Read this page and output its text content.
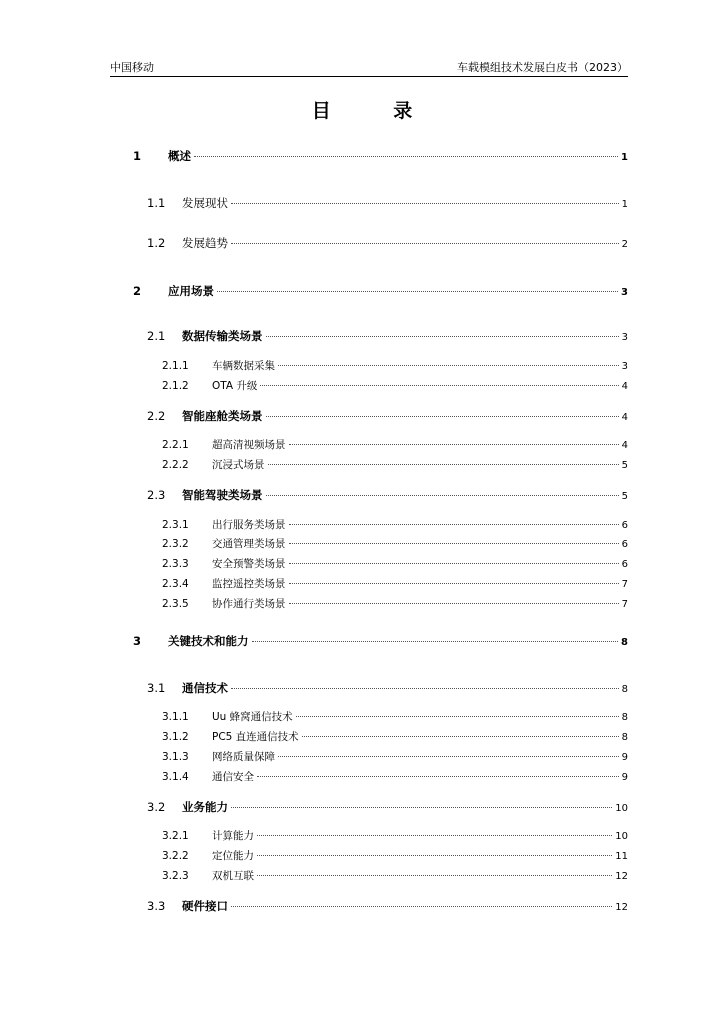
中国移动	车载模组技术发展白皮书（2023）
目 录
1	概述	1
1.1	发展现状	1
1.2	发展趋势	2
2	应用场景	3
2.1	数据传输类场景	3
2.1.1	车辆数据采集	3
2.1.2	OTA 升级	4
2.2	智能座舱类场景	4
2.2.1	超高清视频场景	4
2.2.2	沉浸式场景	5
2.3	智能驾驶类场景	5
2.3.1	出行服务类场景	6
2.3.2	交通管理类场景	6
2.3.3	安全预警类场景	6
2.3.4	监控遥控类场景	7
2.3.5	协作通行类场景	7
3	关键技术和能力	8
3.1	通信技术	8
3.1.1	Uu 蜂窝通信技术	8
3.1.2	PC5 直连通信技术	8
3.1.3	网络质量保障	9
3.1.4	通信安全	9
3.2	业务能力	10
3.2.1	计算能力	10
3.2.2	定位能力	11
3.2.3	双机互联	12
3.3	硬件接口	12
